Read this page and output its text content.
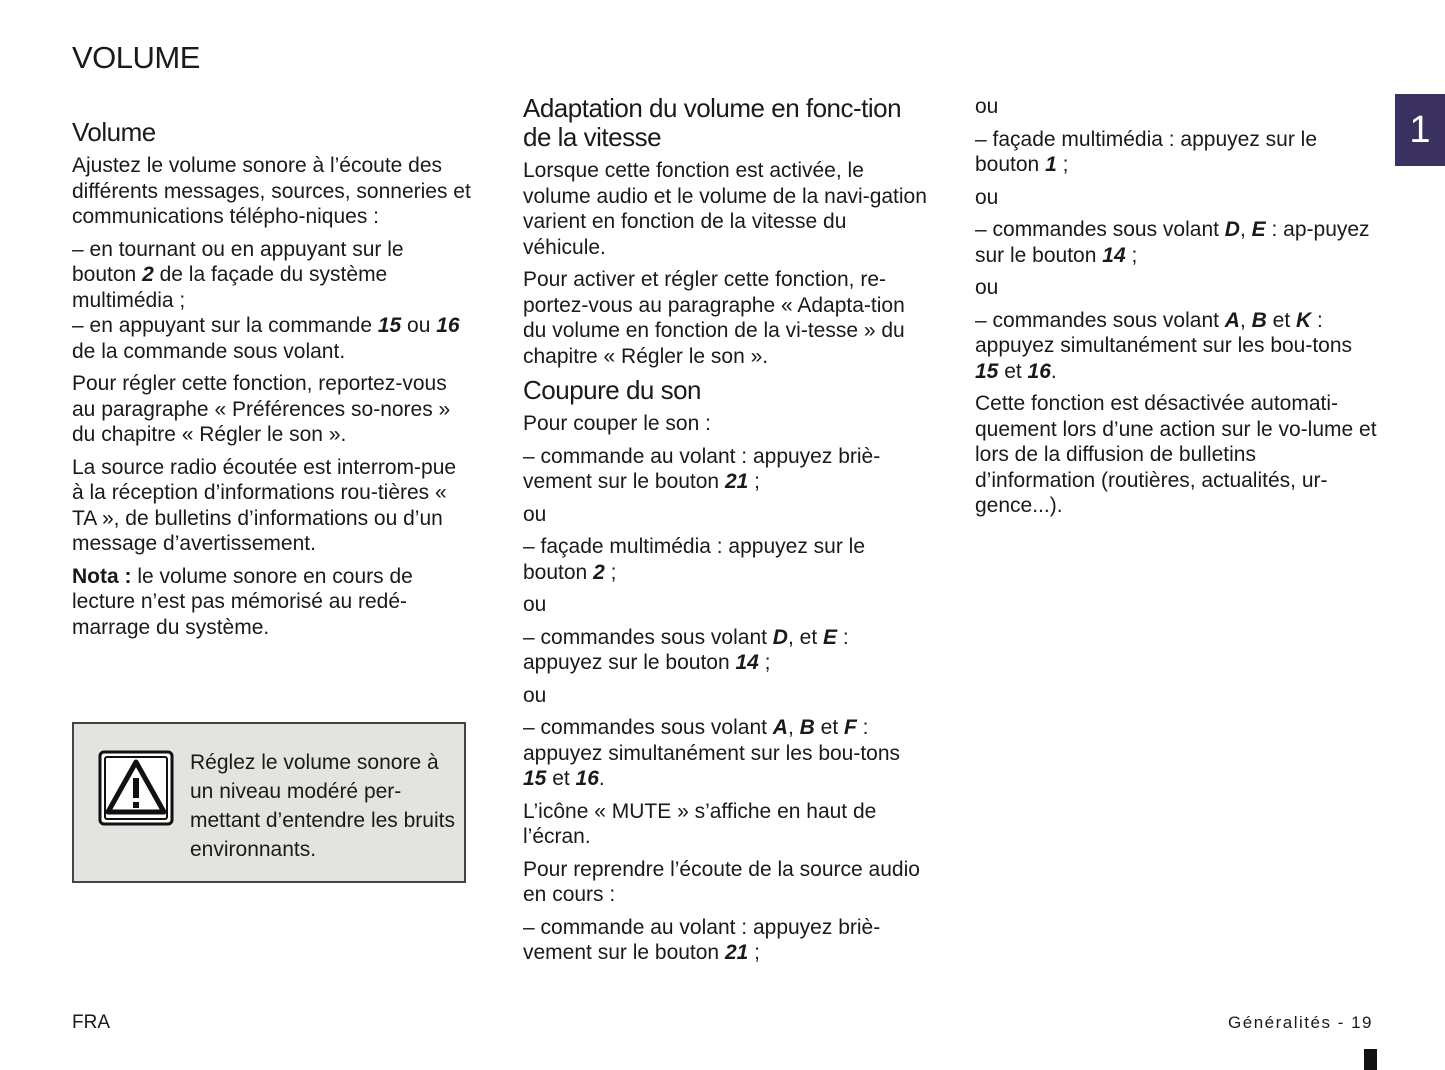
VOLUME
1
Volume

Ajustez le volume sonore à l’écoute des différents messages, sources, sonneries et communications télépho-niques :

– en tournant ou en appuyant sur le bouton 2 de la façade du système multimédia ;

– en appuyant sur la commande 15 ou 16 de la commande sous volant.

Pour régler cette fonction, reportez-vous au paragraphe « Préférences so-nores » du chapitre « Régler le son ».

La source radio écoutée est interrom-pue à la réception d’informations rou-tières « TA », de bulletins d’informations ou d’un message d’avertissement.

Nota : le volume sonore en cours de lecture n’est pas mémorisé au redé-marrage du système.

Réglez le volume sonore à un niveau modéré per-mettant d’entendre les bruits environnants.
Adaptation du volume en fonc-tion de la vitesse

Lorsque cette fonction est activée, le volume audio et le volume de la navi-gation varient en fonction de la vitesse du véhicule.

Pour activer et régler cette fonction, re-portez-vous au paragraphe « Adapta-tion du volume en fonction de la vi-tesse » du chapitre « Régler le son ».

Coupure du son

Pour couper le son :

– commande au volant : appuyez briè-vement sur le bouton 21 ;

ou

– façade multimédia : appuyez sur le bouton 2 ;

ou

– commandes sous volant D, et E : appuyez sur le bouton 14 ;

ou

– commandes sous volant A, B et F : appuyez simultanément sur les bou-tons 15 et 16.

L’icône « MUTE » s’affiche en haut de l’écran.

Pour reprendre l’écoute de la source audio en cours :

– commande au volant : appuyez briè-vement sur le bouton 21 ;

ou

– façade multimédia : appuyez sur le bouton 1 ;

ou

– commandes sous volant D, E : ap-puyez sur le bouton 14 ;

ou

– commandes sous volant A, B et K : appuyez simultanément sur les bou-tons 15 et 16.

Cette fonction est désactivée automati-quement lors d’une action sur le vo-lume et lors de la diffusion de bulletins d’information (routières, actualités, ur-gence...).

FRA	Généralités - 19
